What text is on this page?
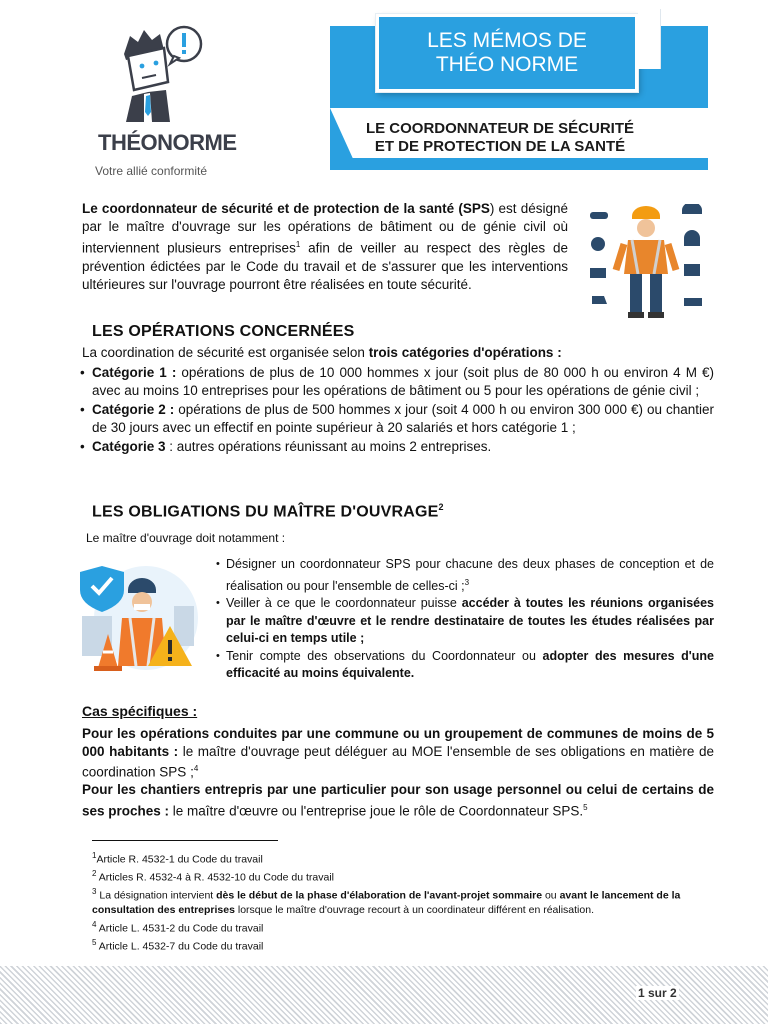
LES MÉMOS DE
THÉO NORME
LE COORDONNATEUR DE SÉCURITÉ
ET DE PROTECTION DE LA SANTÉ
THÉONORME
Votre allié conformité
Le coordonnateur de sécurité et de protection de la santé (SPS) est désigné par le maître d'ouvrage sur les opérations de bâtiment ou de génie civil où interviennent plusieurs entreprises$^1$ afin de veiller au respect des règles de prévention édictées par le Code du travail et de s'assurer que les interventions ultérieures sur l'ouvrage pourront être réalisées en toute sécurité.
LES OPÉRATIONS CONCERNÉES
La coordination de sécurité est organisée selon trois catégories d'opérations :
• Catégorie 1 : opérations de plus de 10 000 hommes x jour (soit plus de 80 000 h ou environ 4 M €) avec au moins 10 entreprises pour les opérations de bâtiment ou 5 pour les opérations de génie civil ;
• Catégorie 2 : opérations de plus de 500 hommes x jour (soit 4 000 h ou environ 300 000 €) ou chantier de 30 jours avec un effectif en pointe supérieur à 20 salariés et hors catégorie 1 ;
• Catégorie 3 : autres opérations réunissant au moins 2 entreprises.
LES OBLIGATIONS DU MAÎTRE D'OUVRAGE$^2$
Le maître d'ouvrage doit notamment :
• Désigner un coordonnateur SPS pour chacune des deux phases de conception et de réalisation ou pour l'ensemble de celles-ci ;$^3$
• Veiller à ce que le coordonnateur puisse accéder à toutes les réunions organisées par le maître d'œuvre et le rendre destinataire de toutes les études réalisées par celui-ci en temps utile ;
• Tenir compte des observations du Coordonnateur ou adopter des mesures d'une efficacité au moins équivalente.
Cas spécifiques :

Pour les opérations conduites par une commune ou un groupement de communes de moins de 5 000 habitants : le maître d'ouvrage peut déléguer au MOE l'ensemble de ses obligations en matière de coordination SPS ;$^4$

Pour les chantiers entrepris par une particulier pour son usage personnel ou celui de certains de ses proches : le maître d'œuvre ou l'entreprise joue le rôle de Coordonnateur SPS.$^5$

$^1$Article R. 4532-1 du Code du travail
$^2$ Articles R. 4532-4 à R. 4532-10 du Code du travail
$^3$ La désignation intervient dès le début de la phase d'élaboration de l'avant-projet sommaire ou avant le lancement de la consultation des entreprises lorsque le maître d'ouvrage recourt à un coordinateur différent en réalisation.
$^4$ Article L. 4531-2 du Code du travail
$^5$ Article L. 4532-7 du Code du travail
1 sur 2
